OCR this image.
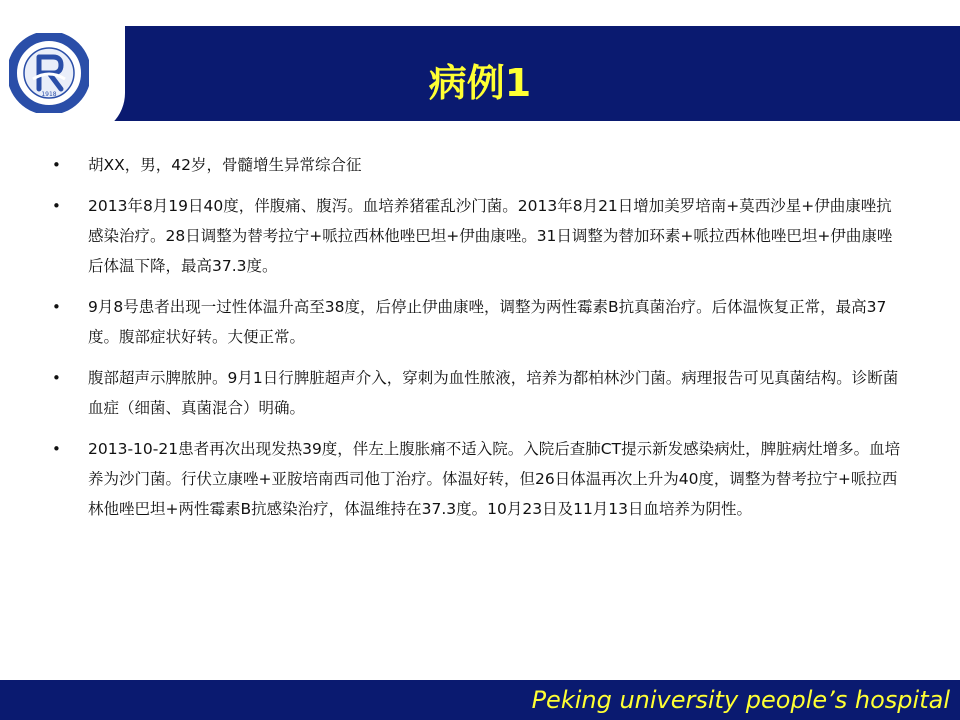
1918	病例1
• 胡XX，男，42岁，骨髓增生异常综合征
• 2013年8月19日40度，伴腹痛、腹泻。血培养猪霍乱沙门菌。2013年8月21日增加美罗培南+莫西沙星+伊曲康唑抗感染治疗。28日调整为替考拉宁+哌拉西林他唑巴坦+伊曲康唑。31日调整为替加环素+哌拉西林他唑巴坦+伊曲康唑后体温下降，最高37.3度。
• 9月8号患者出现一过性体温升高至38度，后停止伊曲康唑，调整为两性霉素B抗真菌治疗。后体温恢复正常，最高37度。腹部症状好转。大便正常。
• 腹部超声示脾脓肿。9月1日行脾脏超声介入，穿刺为血性脓液，培养为都柏林沙门菌。病理报告可见真菌结构。诊断菌血症（细菌、真菌混合）明确。
• 2013-10-21患者再次出现发热39度，伴左上腹胀痛不适入院。入院后查肺CT提示新发感染病灶，脾脏病灶增多。血培养为沙门菌。行伏立康唑+亚胺培南西司他丁治疗。体温好转，但26日体温再次上升为40度，调整为替考拉宁+哌拉西林他唑巴坦+两性霉素B抗感染治疗，体温维持在37.3度。10月23日及11月13日血培养为阴性。
Peking university people’s hospital
